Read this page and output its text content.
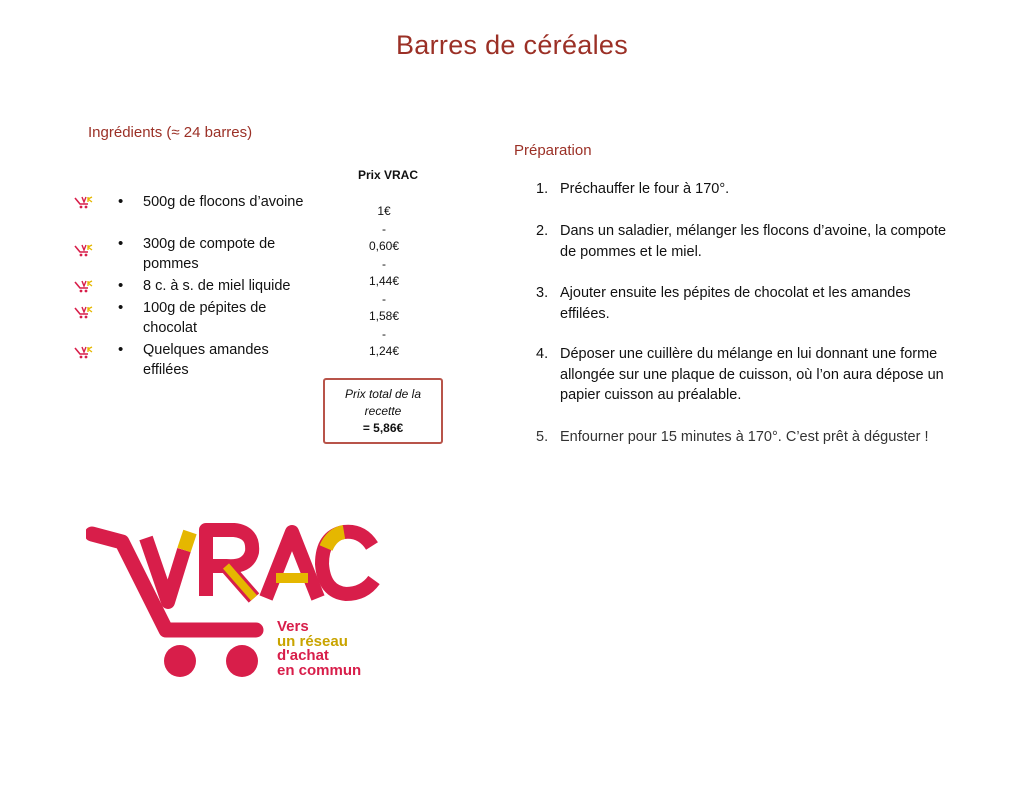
Barres de céréales
Ingrédients (≈ 24 barres)
Prix VRAC
• 500g de flocons d’avoine
• 300g de compote de pommes
• 8 c. à s. de miel liquide
• 100g de pépites de chocolat
• Quelques amandes effilées
1€
-
0,60€
-
1,44€
-
1,58€
-
1,24€
Prix total de la recette
= 5,86€
Préparation
1. Préchauffer le four à 170°.
2. Dans un saladier, mélanger les flocons d’avoine, la compote de pommes et le miel.
3. Ajouter ensuite les pépites de chocolat et les amandes effilées.
4. Déposer une cuillère du mélange en lui donnant une forme allongée sur une plaque de cuisson, où l’on aura dépose un papier cuisson au préalable.
5. Enfourner pour 15 minutes à 170°. C’est prêt à déguster !
Vers
un réseau
d'achat
en commun
